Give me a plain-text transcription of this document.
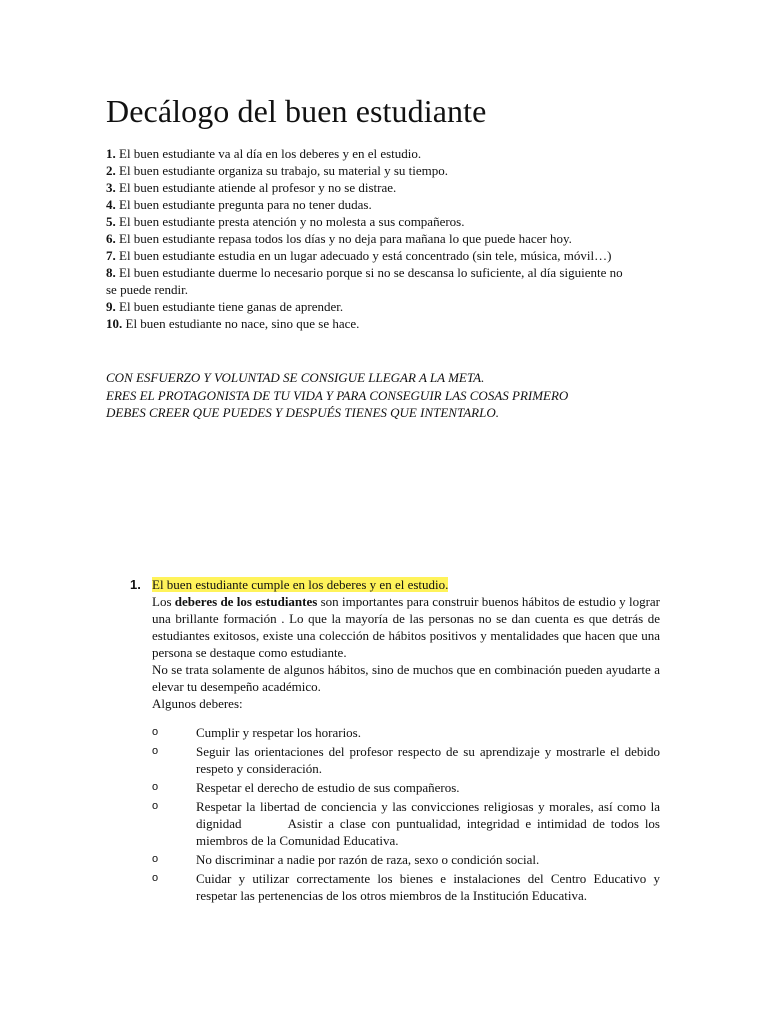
Decálogo del buen estudiante
1. El buen estudiante va al día en los deberes y en el estudio.
2. El buen estudiante organiza su trabajo, su material y su tiempo.
3. El buen estudiante atiende al profesor y no se distrae.
4. El buen estudiante pregunta para no tener dudas.
5. El buen estudiante presta atención y no molesta a sus compañeros.
6. El buen estudiante repasa todos los días y no deja para mañana lo que puede hacer hoy.
7. El buen estudiante estudia en un lugar adecuado y está concentrado (sin tele, música, móvil…)
8. El buen estudiante duerme lo necesario porque si no se descansa lo suficiente, al día siguiente no se puede rendir.
9. El buen estudiante tiene ganas de aprender.
10. El buen estudiante no nace, sino que se hace.
CON ESFUERZO Y VOLUNTAD SE CONSIGUE LLEGAR A LA META.
ERES EL PROTAGONISTA DE TU VIDA Y PARA CONSEGUIR LAS COSAS PRIMERO
DEBES CREER QUE PUEDES Y DESPUÉS TIENES QUE INTENTARLO.
1. El buen estudiante cumple en los deberes y en el estudio.

Los deberes de los estudiantes son importantes para construir buenos hábitos de estudio y lograr una brillante formación . Lo que la mayoría de las personas no se dan cuenta es que detrás de estudiantes exitosos, existe una colección de hábitos positivos y mentalidades que hacen que una persona se destaque como estudiante.

No se trata solamente de algunos hábitos, sino de muchos que en combinación pueden ayudarte a elevar tu desempeño académico.

Algunos deberes:

o	Cumplir y respetar los horarios.
o	Seguir las orientaciones del profesor respecto de su aprendizaje y mostrarle el debido respeto y consideración.
o	Respetar el derecho de estudio de sus compañeros.
o	Respetar la libertad de conciencia y las convicciones religiosas y morales, así como la dignidad        Asistir a clase con puntualidad, integridad e intimidad de todos los miembros de la Comunidad Educativa.
o	No discriminar a nadie por razón de raza, sexo o condición social.
o	Cuidar y utilizar correctamente los bienes e instalaciones del Centro Educativo y respetar las pertenencias de los otros miembros de la Institución Educativa.
